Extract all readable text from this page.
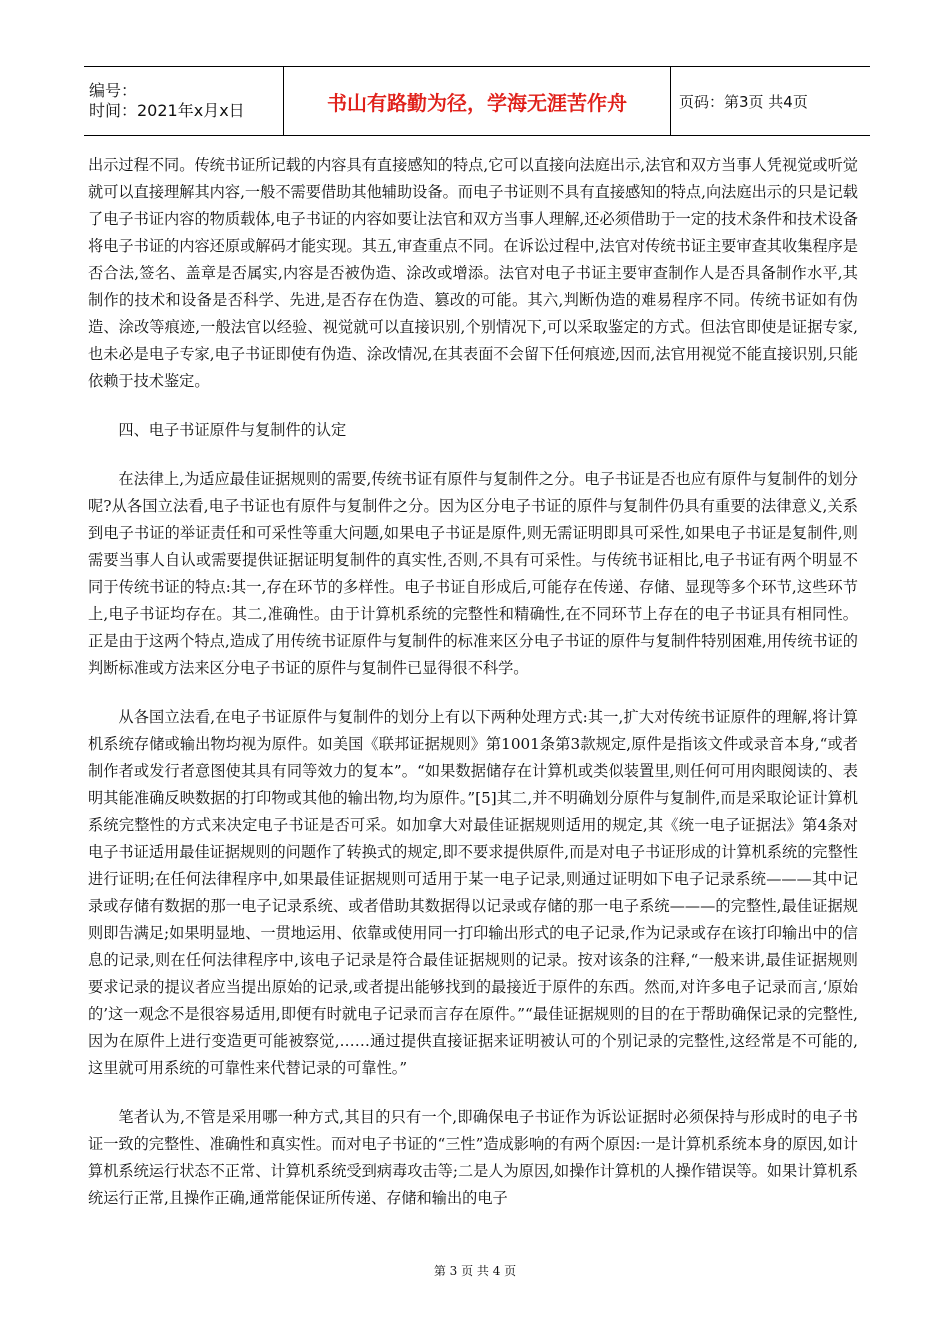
编号：
时间：2021年x月x日	书山有路勤为径，学海无涯苦作舟	页码：第3页 共4页

出示过程不同。传统书证所记载的内容具有直接感知的特点,它可以直接向法庭出示,法官和双方当事人凭视觉或听觉就可以直接理解其内容,一般不需要借助其他辅助设备。而电子书证则不具有直接感知的特点,向法庭出示的只是记载了电子书证内容的物质载体,电子书证的内容如要让法官和双方当事人理解,还必须借助于一定的技术条件和技术设备将电子书证的内容还原或解码才能实现。其五,审查重点不同。在诉讼过程中,法官对传统书证主要审查其收集程序是否合法,签名、盖章是否属实,内容是否被伪造、涂改或增添。法官对电子书证主要审查制作人是否具备制作水平,其制作的技术和设备是否科学、先进,是否存在伪造、篡改的可能。其六,判断伪造的难易程序不同。传统书证如有伪造、涂改等痕迹,一般法官以经验、视觉就可以直接识别,个别情况下,可以采取鉴定的方式。但法官即使是证据专家,也未必是电子专家,电子书证即使有伪造、涂改情况,在其表面不会留下任何痕迹,因而,法官用视觉不能直接识别,只能依赖于技术鉴定。

四、电子书证原件与复制件的认定

在法律上,为适应最佳证据规则的需要,传统书证有原件与复制件之分。电子书证是否也应有原件与复制件的划分呢?从各国立法看,电子书证也有原件与复制件之分。因为区分电子书证的原件与复制件仍具有重要的法律意义,关系到电子书证的举证责任和可采性等重大问题,如果电子书证是原件,则无需证明即具可采性,如果电子书证是复制件,则需要当事人自认或需要提供证据证明复制件的真实性,否则,不具有可采性。与传统书证相比,电子书证有两个明显不同于传统书证的特点:其一,存在环节的多样性。电子书证自形成后,可能存在传递、存储、显现等多个环节,这些环节上,电子书证均存在。其二,准确性。由于计算机系统的完整性和精确性,在不同环节上存在的电子书证具有相同性。正是由于这两个特点,造成了用传统书证原件与复制件的标准来区分电子书证的原件与复制件特别困难,用传统书证的判断标准或方法来区分电子书证的原件与复制件已显得很不科学。

从各国立法看,在电子书证原件与复制件的划分上有以下两种处理方式:其一,扩大对传统书证原件的理解,将计算机系统存储或输出物均视为原件。如美国《联邦证据规则》第1001条第3款规定,原件是指该文件或录音本身,“或者制作者或发行者意图使其具有同等效力的复本”。“如果数据储存在计算机或类似装置里,则任何可用肉眼阅读的、表明其能准确反映数据的打印物或其他的输出物,均为原件。”[5]其二,并不明确划分原件与复制件,而是采取论证计算机系统完整性的方式来决定电子书证是否可采。如加拿大对最佳证据规则适用的规定,其《统一电子证据法》第4条对电子书证适用最佳证据规则的问题作了转换式的规定,即不要求提供原件,而是对电子书证形成的计算机系统的完整性进行证明;在任何法律程序中,如果最佳证据规则可适用于某一电子记录,则通过证明如下电子记录系统———其中记录或存储有数据的那一电子记录系统、或者借助其数据得以记录或存储的那一电子系统———的完整性,最佳证据规则即告满足;如果明显地、一贯地运用、依靠或使用同一打印输出形式的电子记录,作为记录或存在该打印输出中的信息的记录,则在任何法律程序中,该电子记录是符合最佳证据规则的记录。按对该条的注释,“一般来讲,最佳证据规则要求记录的提议者应当提出原始的记录,或者提出能够找到的最接近于原件的东西。然而,对许多电子记录而言,‘原始的’这一观念不是很容易适用,即便有时就电子记录而言存在原件。”“最佳证据规则的目的在于帮助确保记录的完整性,因为在原件上进行变造更可能被察觉,……通过提供直接证据来证明被认可的个别记录的完整性,这经常是不可能的,这里就可用系统的可靠性来代替记录的可靠性。”

笔者认为,不管是采用哪一种方式,其目的只有一个,即确保电子书证作为诉讼证据时必须保持与形成时的电子书证一致的完整性、准确性和真实性。而对电子书证的“三性”造成影响的有两个原因:一是计算机系统本身的原因,如计算机系统运行状态不正常、计算机系统受到病毒攻击等;二是人为原因,如操作计算机的人操作错误等。如果计算机系统运行正常,且操作正确,通常能保证所传递、存储和输出的电子

第 3 页 共 4 页
